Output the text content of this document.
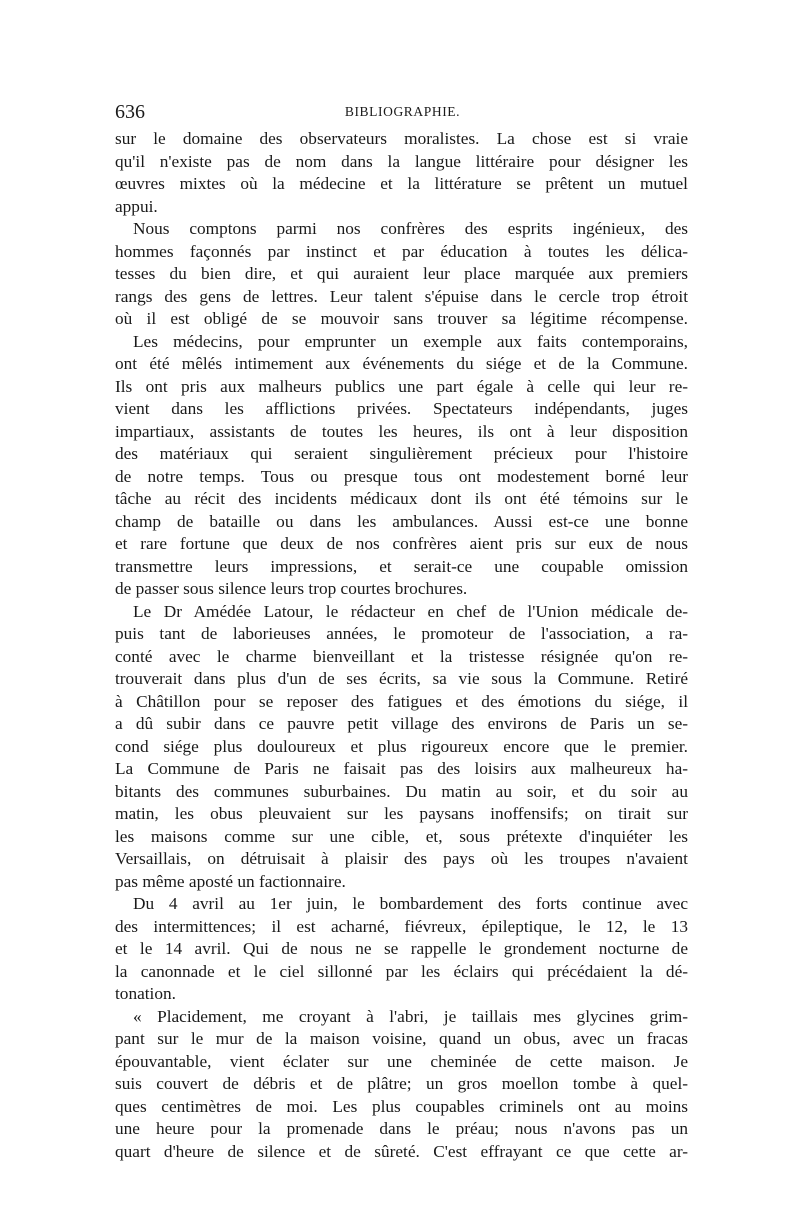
636	BIBLIOGRAPHIE.
sur le domaine des observateurs moralistes. La chose est si vraie
qu'il n'existe pas de nom dans la langue littéraire pour désigner les
œuvres mixtes où la médecine et la littérature se prêtent un mutuel
appui.
Nous comptons parmi nos confrères des esprits ingénieux, des
hommes façonnés par instinct et par éducation à toutes les délica-
tesses du bien dire, et qui auraient leur place marquée aux premiers
rangs des gens de lettres. Leur talent s'épuise dans le cercle trop étroit
où il est obligé de se mouvoir sans trouver sa légitime récompense.
Les médecins, pour emprunter un exemple aux faits contemporains,
ont été mêlés intimement aux événements du siége et de la Commune.
Ils ont pris aux malheurs publics une part égale à celle qui leur re-
vient dans les afflictions privées. Spectateurs indépendants, juges
impartiaux, assistants de toutes les heures, ils ont à leur disposition
des matériaux qui seraient singulièrement précieux pour l'histoire
de notre temps. Tous ou presque tous ont modestement borné leur
tâche au récit des incidents médicaux dont ils ont été témoins sur le
champ de bataille ou dans les ambulances. Aussi est-ce une bonne
et rare fortune que deux de nos confrères aient pris sur eux de nous
transmettre leurs impressions, et serait-ce une coupable omission
de passer sous silence leurs trop courtes brochures.
Le Dr Amédée Latour, le rédacteur en chef de l'Union médicale de-
puis tant de laborieuses années, le promoteur de l'association, a ra-
conté avec le charme bienveillant et la tristesse résignée qu'on re-
trouverait dans plus d'un de ses écrits, sa vie sous la Commune. Retiré
à Châtillon pour se reposer des fatigues et des émotions du siége, il
a dû subir dans ce pauvre petit village des environs de Paris un se-
cond siége plus douloureux et plus rigoureux encore que le premier.
La Commune de Paris ne faisait pas des loisirs aux malheureux ha-
bitants des communes suburbaines. Du matin au soir, et du soir au
matin, les obus pleuvaient sur les paysans inoffensifs; on tirait sur
les maisons comme sur une cible, et, sous prétexte d'inquiéter les
Versaillais, on détruisait à plaisir des pays où les troupes n'avaient
pas même aposté un factionnaire.
Du 4 avril au 1er juin, le bombardement des forts continue avec
des intermittences; il est acharné, fiévreux, épileptique, le 12, le 13
et le 14 avril. Qui de nous ne se rappelle le grondement nocturne de
la canonnade et le ciel sillonné par les éclairs qui précédaient la dé-
tonation.
« Placidement, me croyant à l'abri, je taillais mes glycines grim-
pant sur le mur de la maison voisine, quand un obus, avec un fracas
épouvantable, vient éclater sur une cheminée de cette maison. Je
suis couvert de débris et de plâtre; un gros moellon tombe à quel-
ques centimètres de moi. Les plus coupables criminels ont au moins
une heure pour la promenade dans le préau; nous n'avons pas un
quart d'heure de silence et de sûreté. C'est effrayant ce que cette ar-
